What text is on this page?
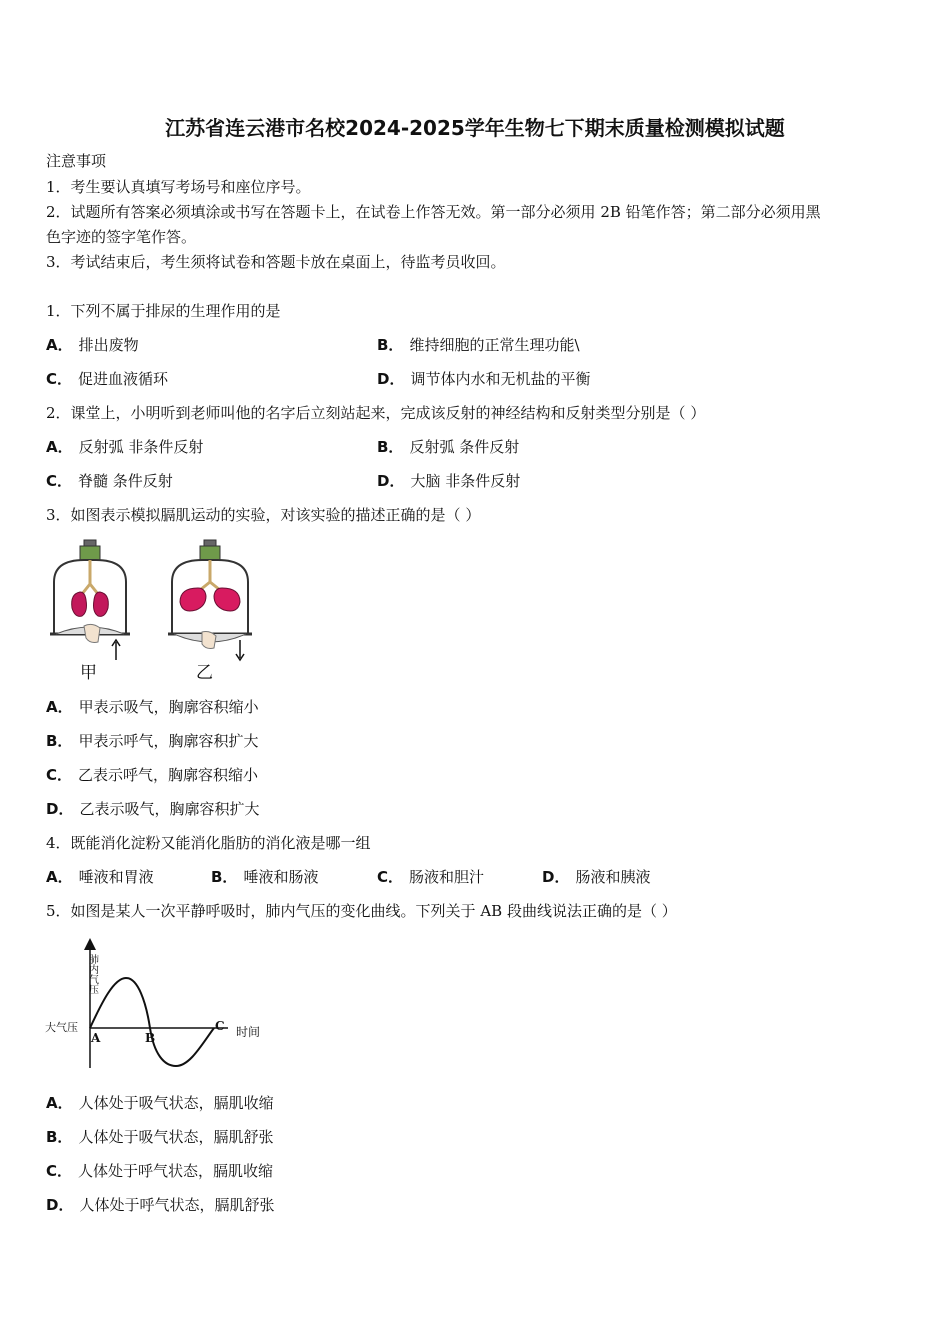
江苏省连云港市名校2024-2025学年生物七下期末质量检测模拟试题
注意事项
1．考生要认真填写考场号和座位序号。
2．试题所有答案必须填涂或书写在答题卡上，在试卷上作答无效。第一部分必须用 2B 铅笔作答；第二部分必须用黑
色字迹的签字笔作答。
3．考试结束后，考生须将试卷和答题卡放在桌面上，待监考员收回。
1．下列不属于排尿的生理作用的是
A． 排出废物	B． 维持细胞的正常生理功能\
C． 促进血液循环	D． 调节体内水和无机盐的平衡
2．课堂上，小明听到老师叫他的名字后立刻站起来，完成该反射的神经结构和反射类型分别是（ ）
A． 反射弧 非条件反射	B． 反射弧 条件反射
C． 脊髓 条件反射	D． 大脑 非条件反射
3．如图表示模拟膈肌运动的实验，对该实验的描述正确的是（ ）
甲	乙
A． 甲表示吸气，胸廓容积缩小
B． 甲表示呼气，胸廓容积扩大
C． 乙表示呼气，胸廓容积缩小
D． 乙表示吸气，胸廓容积扩大
4．既能消化淀粉又能消化脂肪的消化液是哪一组
A． 唾液和胃液	B． 唾液和肠液	C． 肠液和胆汁	D． 肠液和胰液
5．如图是某人一次平静呼吸时，肺内气压的变化曲线。下列关于 AB 段曲线说法正确的是（ ）
肺内气压
大气压	时间
A	B
C
A． 人体处于吸气状态，膈肌收缩
B． 人体处于吸气状态，膈肌舒张
C． 人体处于呼气状态，膈肌收缩
D． 人体处于呼气状态，膈肌舒张
